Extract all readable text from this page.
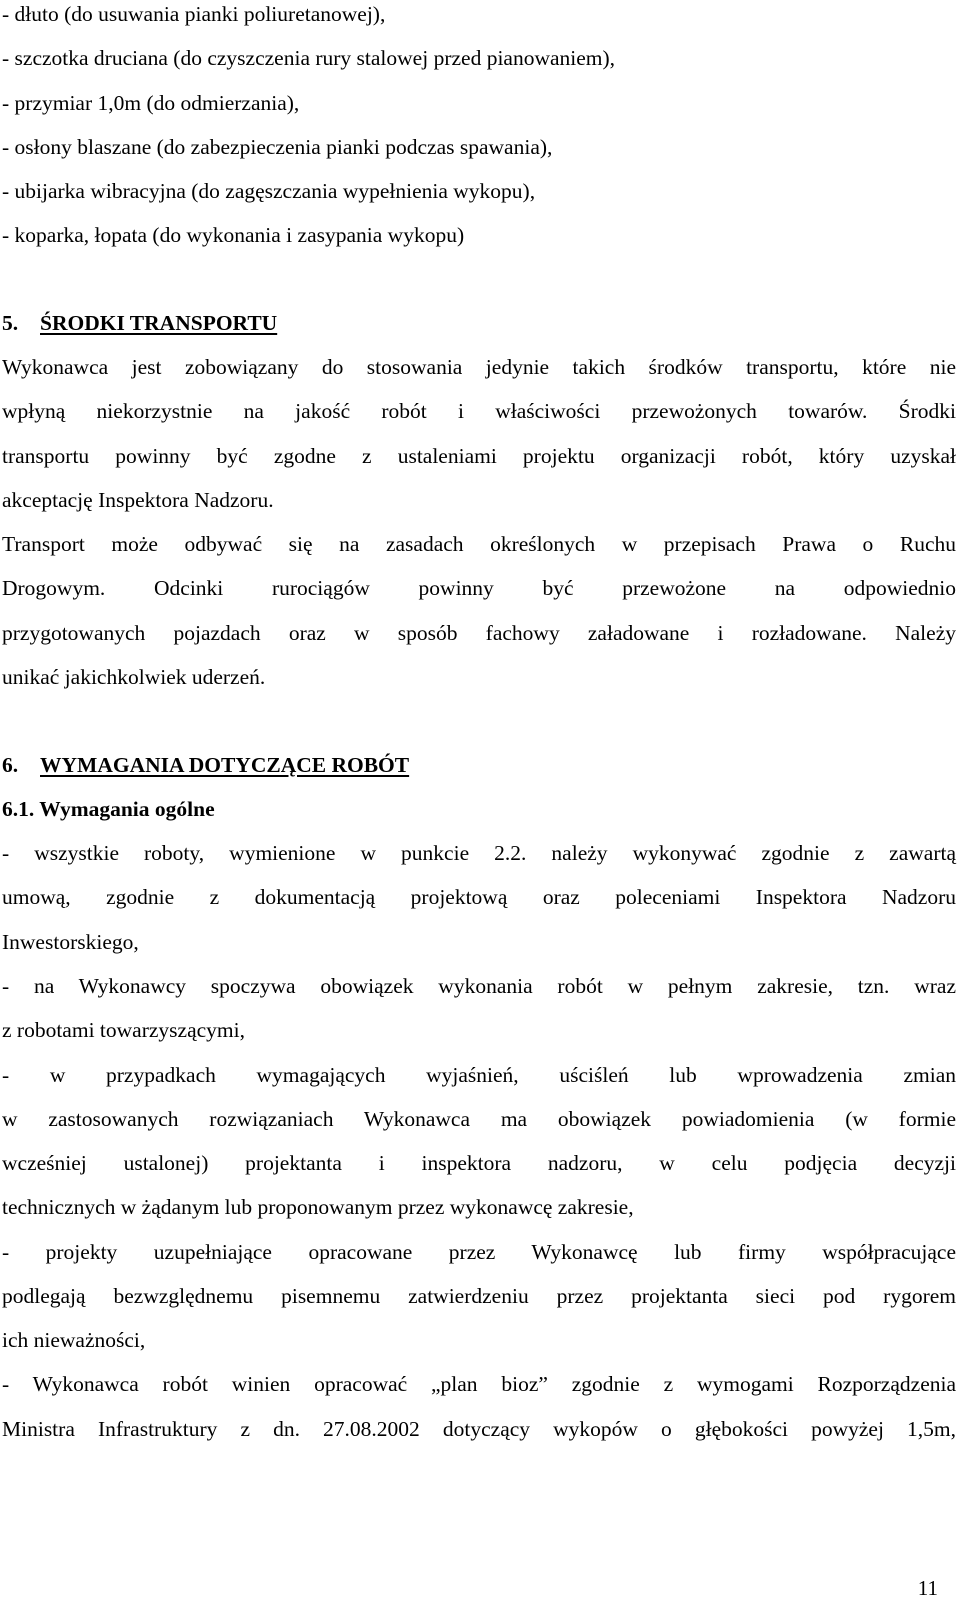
- dłuto (do usuwania pianki poliuretanowej),
- szczotka druciana (do czyszczenia rury stalowej przed pianowaniem),
- przymiar 1,0m (do odmierzania),
- osłony blaszane (do zabezpieczenia pianki podczas spawania),
- ubijarka wibracyjna (do zagęszczania wypełnienia wykopu),
- koparka, łopata (do wykonania i zasypania wykopu)
5. ŚRODKI TRANSPORTU
Wykonawca jest zobowiązany do stosowania jedynie takich środków transportu, które nie
wpłyną niekorzystnie na jakość robót i właściwości przewożonych towarów. Środki
transportu powinny być zgodne z ustaleniami projektu organizacji robót, który uzyskał
akceptację Inspektora Nadzoru.
Transport może odbywać się na zasadach określonych w przepisach Prawa o Ruchu
Drogowym. Odcinki rurociągów powinny być przewożone na odpowiednio
przygotowanych pojazdach oraz w sposób fachowy załadowane i rozładowane. Należy
unikać jakichkolwiek uderzeń.
6. WYMAGANIA DOTYCZĄCE ROBÓT
6.1. Wymagania ogólne
- wszystkie roboty, wymienione w punkcie 2.2. należy wykonywać zgodnie z zawartą
umową, zgodnie z dokumentacją projektową oraz poleceniami Inspektora Nadzoru
Inwestorskiego,
- na Wykonawcy spoczywa obowiązek wykonania robót w pełnym zakresie, tzn. wraz
z robotami towarzyszącymi,
- w przypadkach wymagających wyjaśnień, uściśleń lub wprowadzenia zmian
w zastosowanych rozwiązaniach Wykonawca ma obowiązek powiadomienia (w formie
wcześniej ustalonej) projektanta i inspektora nadzoru, w celu podjęcia decyzji
technicznych w żądanym lub proponowanym przez wykonawcę zakresie,
- projekty uzupełniające opracowane przez Wykonawcę lub firmy współpracujące
podlegają bezwzględnemu pisemnemu zatwierdzeniu przez projektanta sieci pod rygorem
ich nieważności,
- Wykonawca robót winien opracować „plan bioz” zgodnie z wymogami Rozporządzenia
Ministra Infrastruktury z dn. 27.08.2002 dotyczący wykopów o głębokości powyżej 1,5m,
11
